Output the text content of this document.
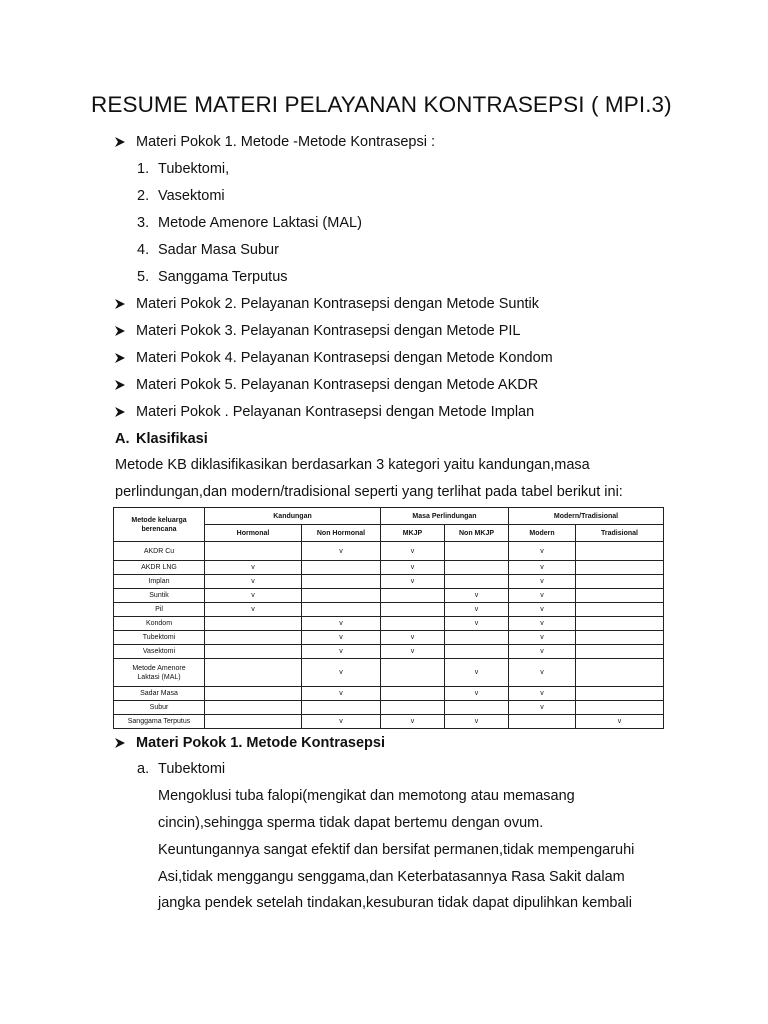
RESUME MATERI PELAYANAN KONTRASEPSI ( MPI.3)
Materi Pokok 1. Metode -Metode Kontrasepsi :
1. Tubektomi,
2. Vasektomi
3. Metode Amenore Laktasi (MAL)
4. Sadar Masa Subur
5. Sanggama Terputus
Materi Pokok 2. Pelayanan Kontrasepsi dengan Metode Suntik
Materi Pokok 3. Pelayanan Kontrasepsi dengan Metode PIL
Materi Pokok 4. Pelayanan Kontrasepsi dengan Metode Kondom
Materi Pokok 5. Pelayanan Kontrasepsi dengan Metode AKDR
Materi Pokok . Pelayanan Kontrasepsi dengan Metode Implan
A. Klasifikasi
Metode KB diklasifikasikan berdasarkan 3 kategori yaitu kandungan,masa
perlindungan,dan modern/tradisional seperti yang terlihat pada tabel berikut ini:
Metode keluarga
berencana	Kandungan		Masa Perlindungan		Modern/Tradisional	
	Hormonal	Non Hormonal	MKJP	Non MKJP	Modern	Tradisional
AKDR Cu		v	v		v	
AKDR LNG	v		v		v	
Implan	v		v		v	
Suntik	v			v	v	
Pil	v			v	v	
Kondom		v		v	v	
Tubektomi		v	v		v	
Vasektomi		v	v		v	
Metode Amenore
Laktasi (MAL)		v		v	v	
Sadar Masa		v		v	v	
Subur					v	
Sanggama Terputus		v	v	v		v
Materi Pokok 1. Metode Kontrasepsi
a. Tubektomi
Mengoklusi tuba falopi(mengikat dan memotong atau memasang
cincin),sehingga sperma tidak dapat bertemu dengan ovum.
Keuntungannya sangat efektif dan bersifat permanen,tidak mempengaruhi
Asi,tidak menggangu senggama,dan Keterbatasannya Rasa Sakit dalam
jangka pendek setelah tindakan,kesuburan tidak dapat dipulihkan kembali
